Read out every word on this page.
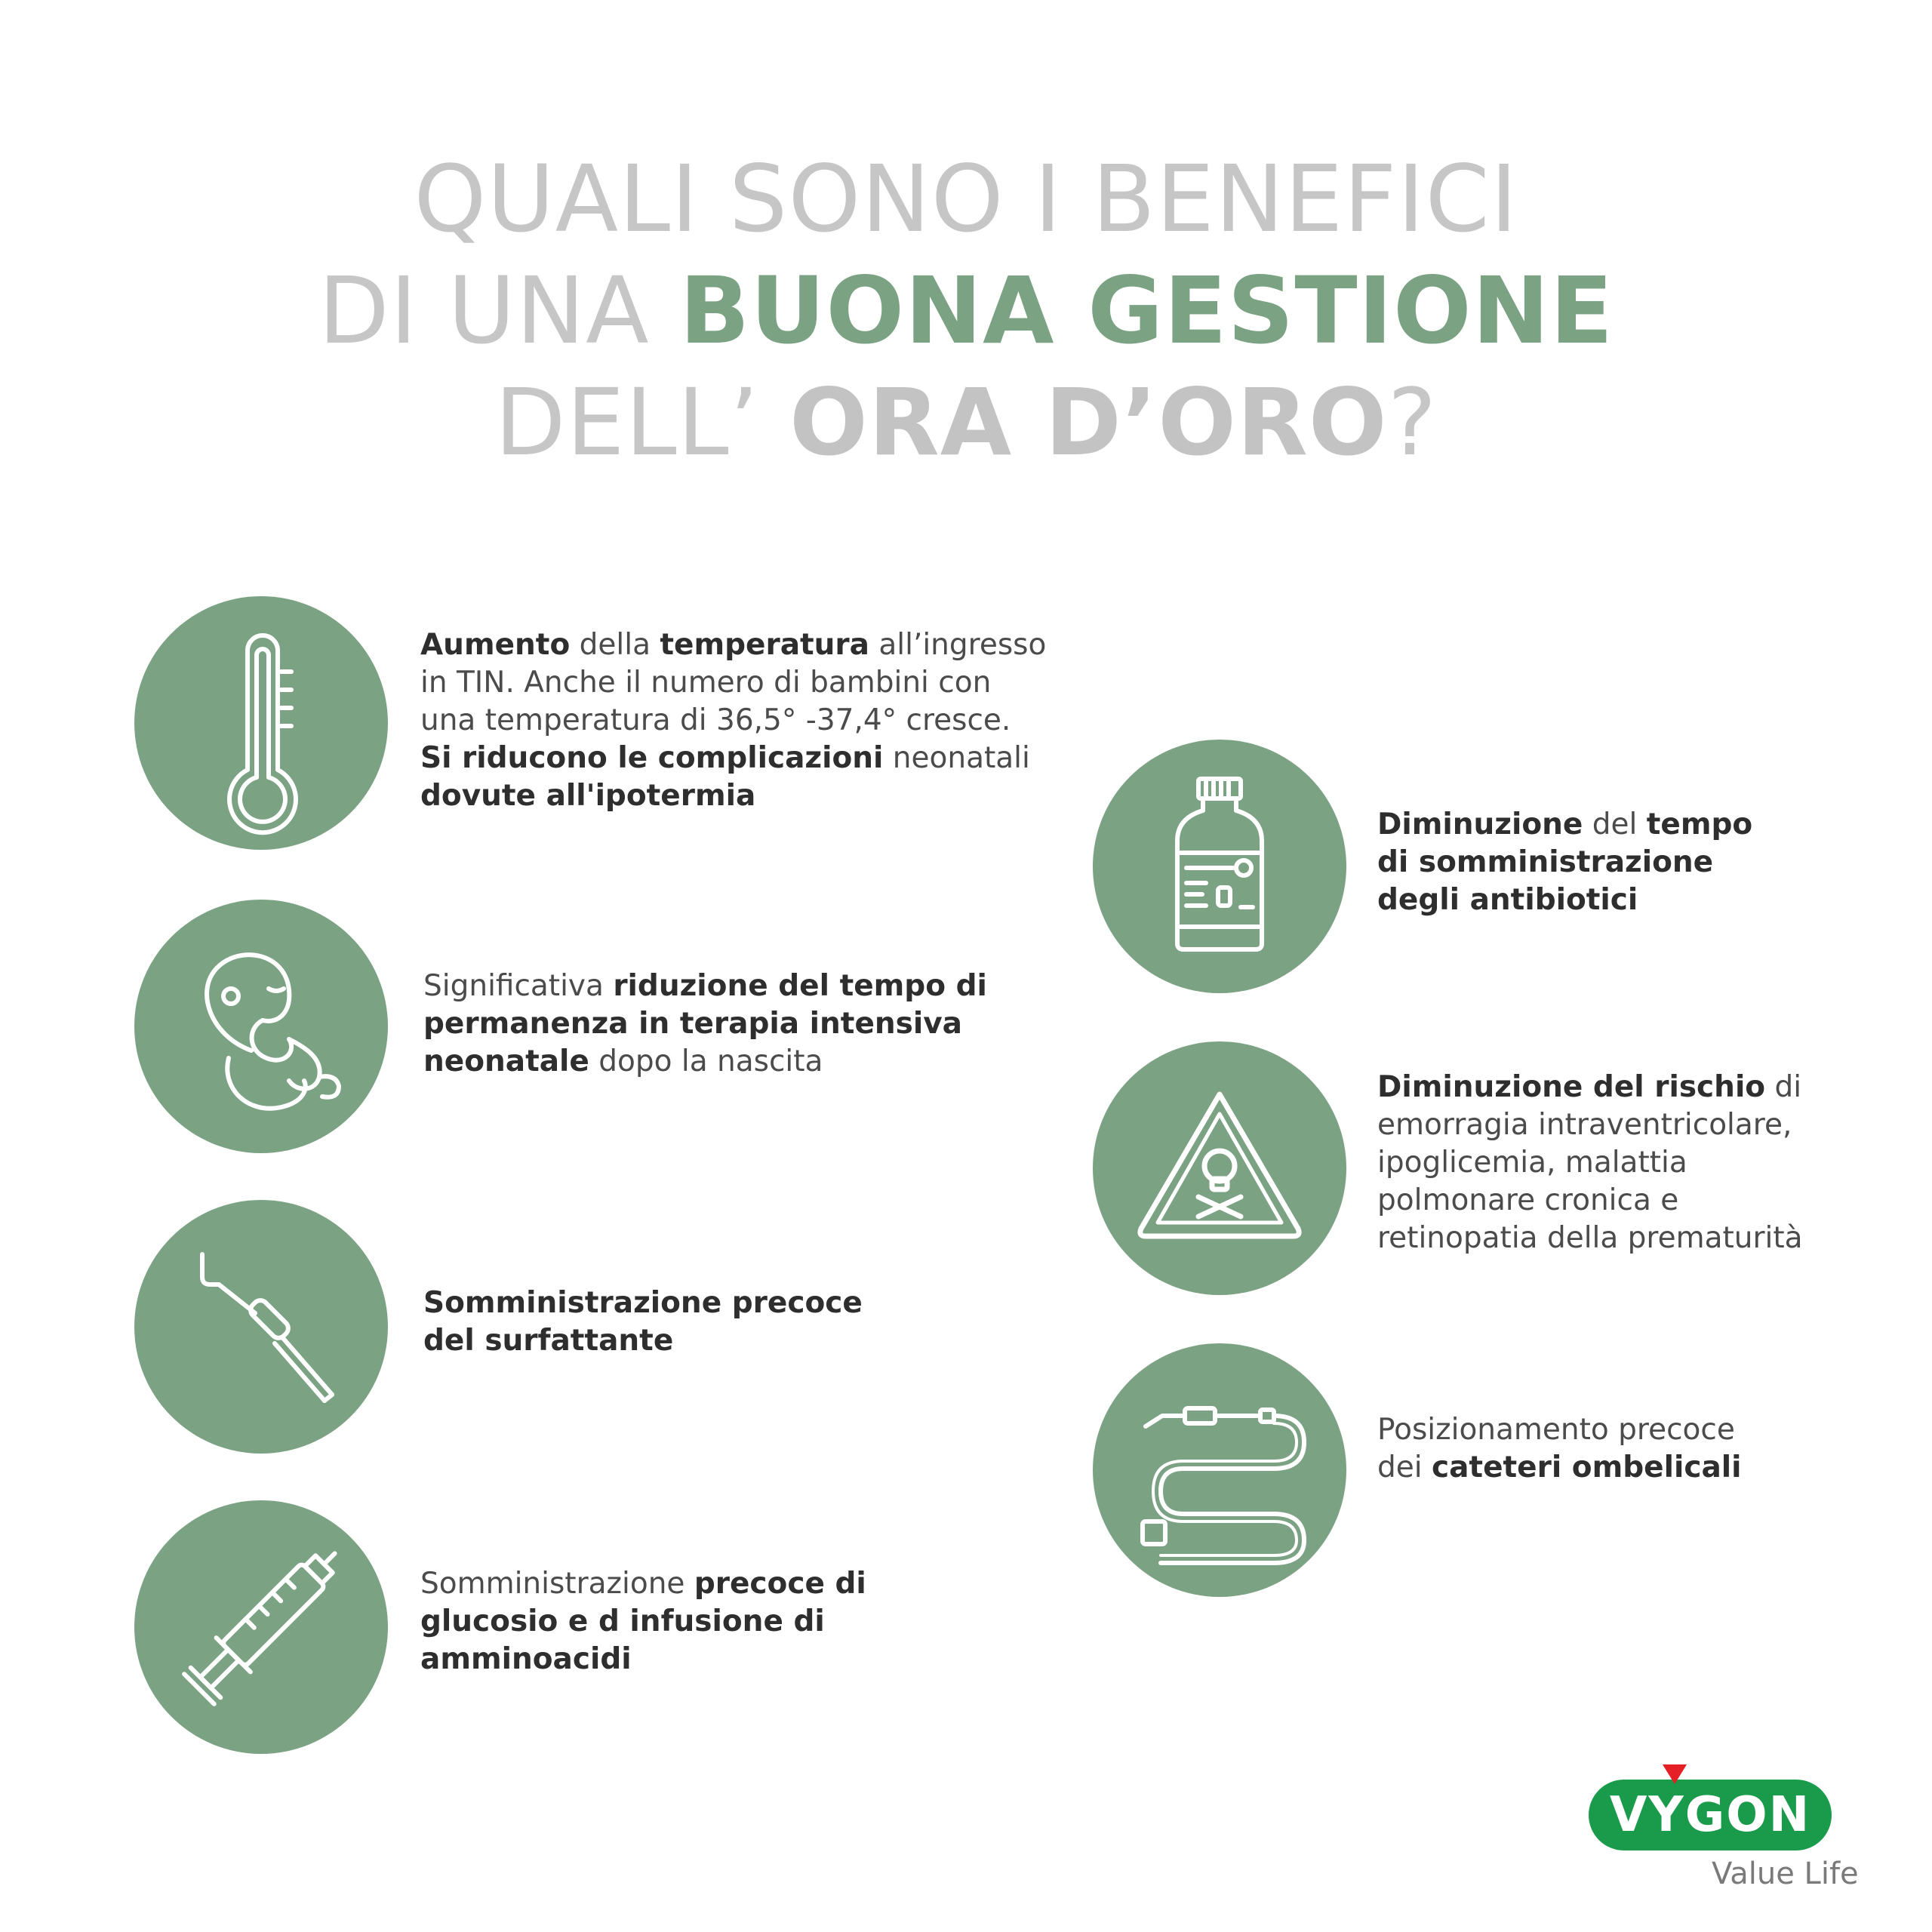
QUALI SONO I BENEFICI
DI UNA BUONA GESTIONE
DELL’ ORA D’ORO?
Aumento della temperatura all’ingresso
in TIN. Anche il numero di bambini con
una temperatura di 36,5° -37,4° cresce.
Si riducono le complicazioni neonatali
dovute all'ipotermia
Significativa riduzione del tempo di
permanenza in terapia intensiva
neonatale dopo la nascita
Somministrazione precoce
del surfattante
Somministrazione precoce di
glucosio e d infusione di
amminoacidi
Diminuzione del tempo
di somministrazione
degli antibiotici
Diminuzione del rischio di
emorragia intraventricolare,
ipoglicemia, malattia
polmonare cronica e
retinopatia della prematurità
Posizionamento precoce
dei cateteri ombelicali
VYGON
Value Life
